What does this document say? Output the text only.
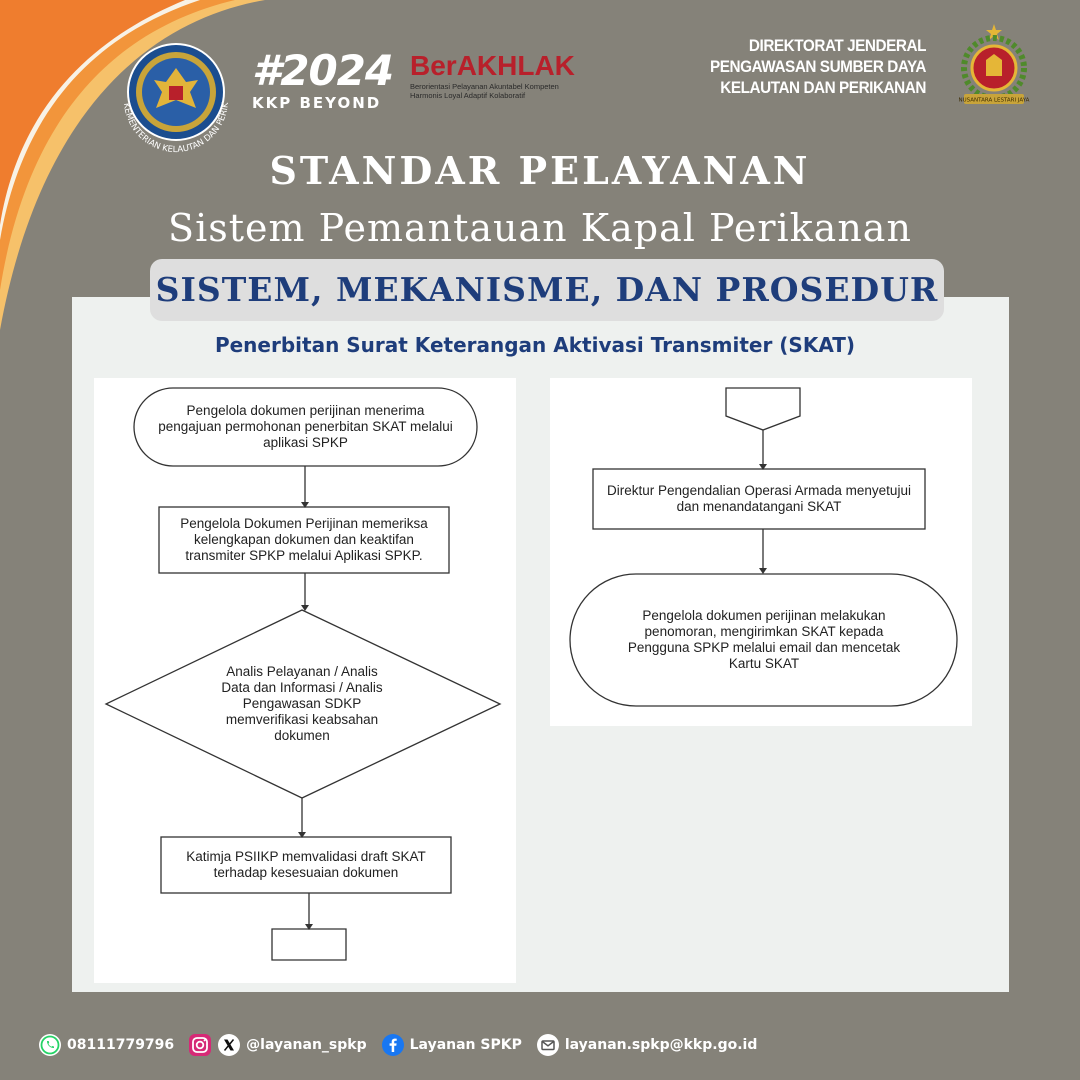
KEMENTERIAN KELAUTAN DAN PERIK
#2024
KKP BEYOND
BerAKHLAK
Berorientasi Pelayanan Akuntabel Kompeten
Harmonis Loyal Adaptif Kolaboratif
DIREKTORAT JENDERAL
PENGAWASAN SUMBER DAYA
KELAUTAN DAN PERIKANAN
NUSANTARA LESTARI JAYA
STANDAR PELAYANAN
Sistem Pemantauan Kapal Perikanan
SISTEM, MEKANISME, DAN PROSEDUR
Penerbitan Surat Keterangan Aktivasi Transmiter (SKAT)
Pengelola dokumen perijinan menerima pengajuan permohonan penerbitan SKAT melalui aplikasi SPKP
Pengelola Dokumen Perijinan memeriksa kelengkapan dokumen dan keaktifan transmiter SPKP melalui Aplikasi SPKP.
Analis Pelayanan / Analis Data dan Informasi / Analis Pengawasan SDKP memverifikasi keabsahan dokumen
Katimja PSIIKP memvalidasi draft SKAT terhadap kesesuaian dokumen
Direktur Pengendalian Operasi Armada menyetujui dan menandatangani SKAT
Pengelola dokumen perijinan melakukan penomoran, mengirimkan SKAT kepada Pengguna SPKP melalui email dan mencetak Kartu SKAT
08111779796	@layanan_spkp	Layanan SPKP	layanan.spkp@kkp.go.id
